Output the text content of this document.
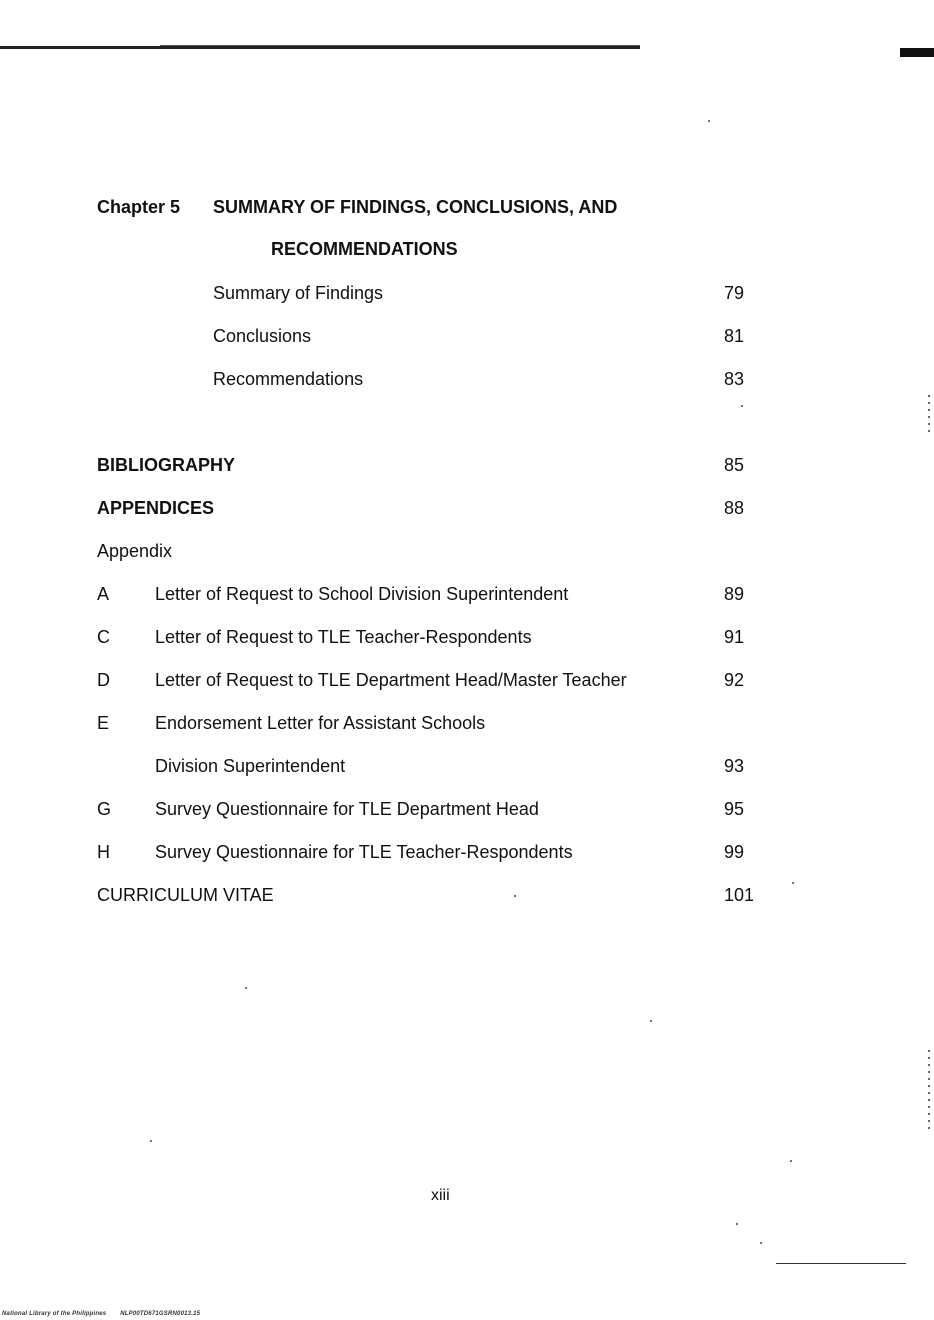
Chapter 5 SUMMARY OF FINDINGS, CONCLUSIONS, AND
RECOMMENDATIONS
Summary of Findings	79
Conclusions	81
Recommendations	83
BIBLIOGRAPHY	85
APPENDICES	88
Appendix
A	Letter of Request to School Division Superintendent	89
C	Letter of Request to TLE Teacher-Respondents	91
D	Letter of Request to TLE Department Head/Master Teacher	92
E	Endorsement Letter for Assistant Schools
Division Superintendent	93
G Survey Questionnaire for TLE Department Head	95
H	Survey Questionnaire for TLE Teacher-Respondents	99
CURRICULUM VITAE	101
xiii
National Library of the Philippines NLP00TD671GSRN0013.15
